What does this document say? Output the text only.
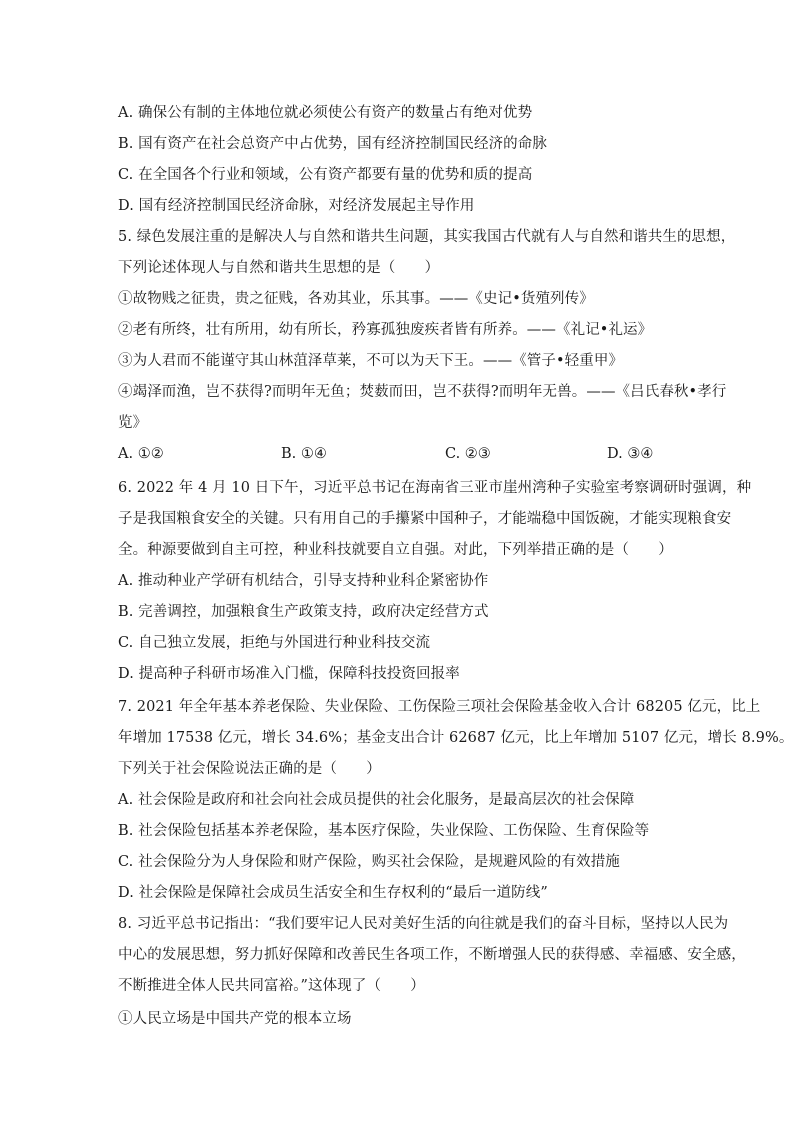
A. 确保公有制的主体地位就必须使公有资产的数量占有绝对优势
B. 国有资产在社会总资产中占优势，国有经济控制国民经济的命脉
C. 在全国各个行业和领域，公有资产都要有量的优势和质的提高
D. 国有经济控制国民经济命脉，对经济发展起主导作用
5. 绿色发展注重的是解决人与自然和谐共生问题，其实我国古代就有人与自然和谐共生的思想，
下列论述体现人与自然和谐共生思想的是（　　）
①故物贱之征贵，贵之征贱，各劝其业，乐其事。——《史记•货殖列传》
②老有所终，壮有所用，幼有所长，矜寡孤独废疾者皆有所养。——《礼记•礼运》
③为人君而不能谨守其山林菹泽草莱，不可以为天下王。——《管子•轻重甲》
④竭泽而渔，岂不获得?而明年无鱼；焚薮而田，岂不获得?而明年无兽。——《吕氏春秋•孝行
览》
A. ①②	B. ①④	C. ②③	D. ③④
6. 2022 年 4 月 10 日下午，习近平总书记在海南省三亚市崖州湾种子实验室考察调研时强调，种
子是我国粮食安全的关键。只有用自己的手攥紧中国种子，才能端稳中国饭碗，才能实现粮食安
全。种源要做到自主可控，种业科技就要自立自强。对此，下列举措正确的是（　　）
A. 推动种业产学研有机结合，引导支持种业科企紧密协作
B. 完善调控，加强粮食生产政策支持，政府决定经营方式
C. 自己独立发展，拒绝与外国进行种业科技交流
D. 提高种子科研市场准入门槛，保障科技投资回报率
7. 2021 年全年基本养老保险、失业保险、工伤保险三项社会保险基金收入合计 68205 亿元，比上
年增加 17538 亿元，增长 34.6%；基金支出合计 62687 亿元，比上年增加 5107 亿元，增长 8.9%。
下列关于社会保险说法正确的是（　　）
A. 社会保险是政府和社会向社会成员提供的社会化服务，是最高层次的社会保障
B. 社会保险包括基本养老保险，基本医疗保险，失业保险、工伤保险、生育保险等
C. 社会保险分为人身保险和财产保险，购买社会保险，是规避风险的有效措施
D. 社会保险是保障社会成员生活安全和生存权利的“最后一道防线”
8. 习近平总书记指出：“我们要牢记人民对美好生活的向往就是我们的奋斗目标，坚持以人民为
中心的发展思想，努力抓好保障和改善民生各项工作，不断增强人民的获得感、幸福感、安全感，
不断推进全体人民共同富裕。”这体现了（　　）
①人民立场是中国共产党的根本立场
